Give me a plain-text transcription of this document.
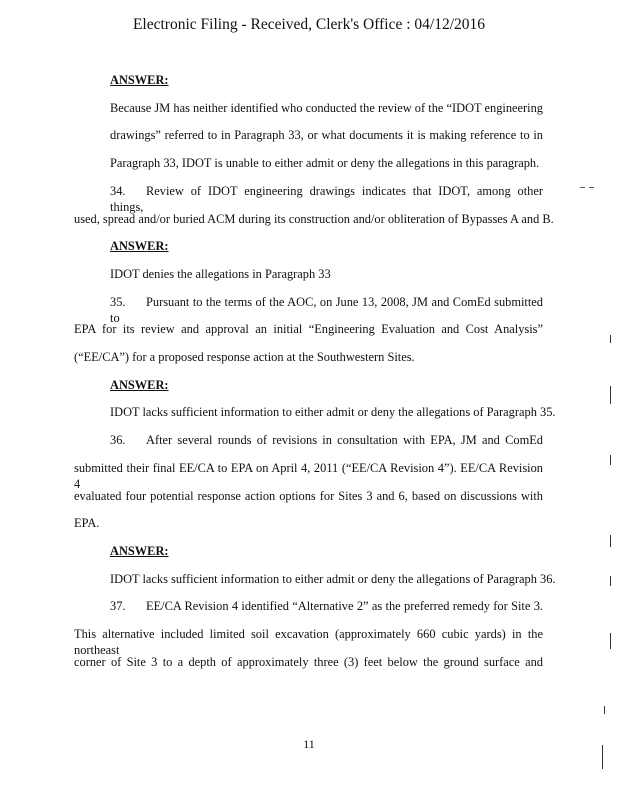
Electronic Filing - Received, Clerk's Office : 04/12/2016
ANSWER:
Because JM has neither identified who conducted the review of the “IDOT engineering
drawings” referred to in Paragraph 33, or what documents it is making reference to in
Paragraph 33, IDOT is unable to either admit or deny the allegations in this paragraph.
34. Review of IDOT engineering drawings indicates that IDOT, among other things,
used, spread and/or buried ACM during its construction and/or obliteration of Bypasses A and B.
ANSWER:
IDOT denies the allegations in Paragraph 33
35. Pursuant to the terms of the AOC, on June 13, 2008, JM and ComEd submitted to
EPA for its review and approval an initial “Engineering Evaluation and Cost Analysis”
(“EE/CA”) for a proposed response action at the Southwestern Sites.
ANSWER:
IDOT lacks sufficient information to either admit or deny the allegations of Paragraph 35.
36. After several rounds of revisions in consultation with EPA, JM and ComEd
submitted their final EE/CA to EPA on April 4, 2011 (“EE/CA Revision 4”). EE/CA Revision 4
evaluated four potential response action options for Sites 3 and 6, based on discussions with
EPA.
ANSWER:
IDOT lacks sufficient information to either admit or deny the allegations of Paragraph 36.
37. EE/CA Revision 4 identified “Alternative 2” as the preferred remedy for Site 3.
This alternative included limited soil excavation (approximately 660 cubic yards) in the northeast
corner of Site 3 to a depth of approximately three (3) feet below the ground surface and
11
